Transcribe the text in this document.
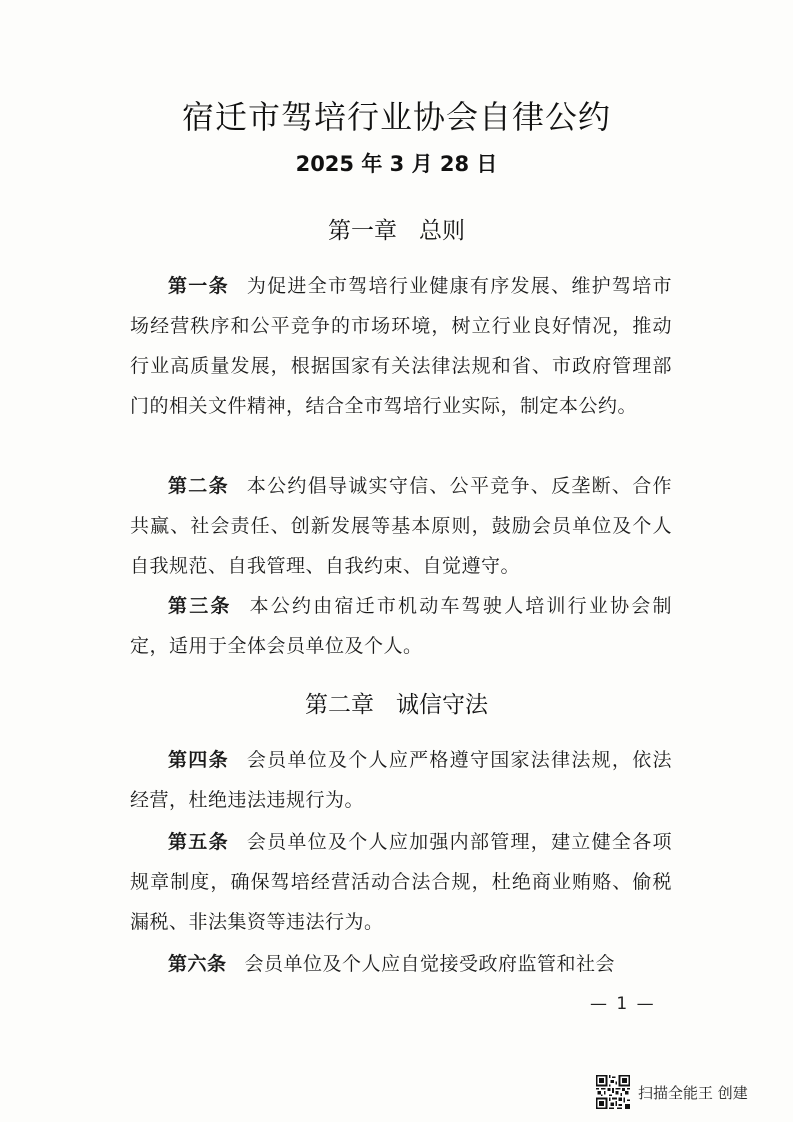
宿迁市驾培行业协会自律公约
2025 年 3 月 28 日
第一章 总则
第一条 为促进全市驾培行业健康有序发展、维护驾培市场经营秩序和公平竞争的市场环境，树立行业良好情况，推动行业高质量发展，根据国家有关法律法规和省、市政府管理部门的相关文件精神，结合全市驾培行业实际，制定本公约。
第二条 本公约倡导诚实守信、公平竞争、反垄断、合作共赢、社会责任、创新发展等基本原则，鼓励会员单位及个人自我规范、自我管理、自我约束、自觉遵守。
第三条 本公约由宿迁市机动车驾驶人培训行业协会制定，适用于全体会员单位及个人。
第二章 诚信守法
第四条 会员单位及个人应严格遵守国家法律法规，依法经营，杜绝违法违规行为。
第五条 会员单位及个人应加强内部管理，建立健全各项规章制度，确保驾培经营活动合法合规，杜绝商业贿赂、偷税漏税、非法集资等违法行为。
第六条 会员单位及个人应自觉接受政府监管和社会
— 1 —
扫描全能王 创建
